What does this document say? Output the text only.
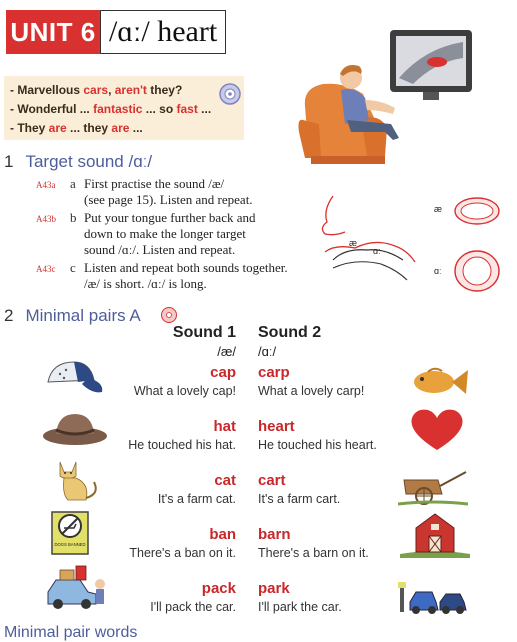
UNIT 6 /ɑː/ heart
- Marvellous cars, aren't they?
- Wonderful ... fantastic ... so fast ...
- They are ... they are ...
1 Target sound /ɑː/
A43a a First practise the sound /æ/
(see page 15). Listen and repeat.
A43b b Put your tongue further back and
down to make the longer target
sound /ɑː/. Listen and repeat.
A43c c Listen and repeat both sounds together.
/æ/ is short. /ɑː/ is long.
æ
ɑː
æ
ɑː
2 Minimal pairs A
Sound 1
/æ/
Sound 2
/ɑː/
cap
What a lovely cap!
carp
What a lovely carp!
hat
He touched his hat.
heart
He touched his heart.
cat
It's a farm cat.
cart
It's a farm cart.
ban
There's a ban on it.
barn
There's a barn on it.
DOGS BANNED
pack
I'll pack the car.
park
I'll park the car.
Minimal pair words
